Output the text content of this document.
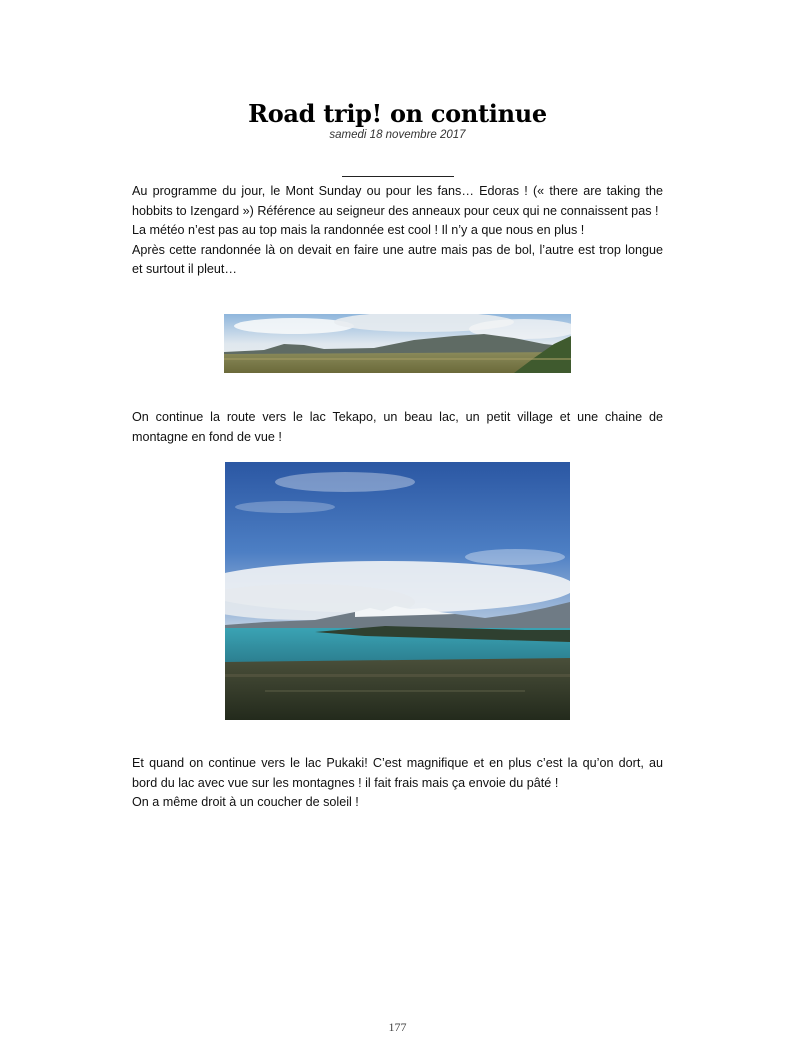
Road trip! on continue
samedi 18 novembre 2017

Au programme du jour, le Mont Sunday ou pour les fans… Edoras ! (« there are taking the hobbits to Izengard ») Référence au seigneur des anneaux pour ceux qui ne connaissent pas !

La météo n’est pas au top mais la randonnée est cool ! Il n’y a que nous en plus !

Après cette randonnée là on devait en faire une autre mais pas de bol, l’autre est trop longue et surtout il pleut…

On continue la route vers le lac Tekapo, un beau lac, un petit village et une chaine de montagne en fond de vue !

Et quand on continue vers le lac Pukaki! C’est magnifique et en plus c’est la qu’on dort, au bord du lac avec vue sur les montagnes ! il fait frais mais ça envoie du pâté !

On a même droit à un coucher de soleil !

177
